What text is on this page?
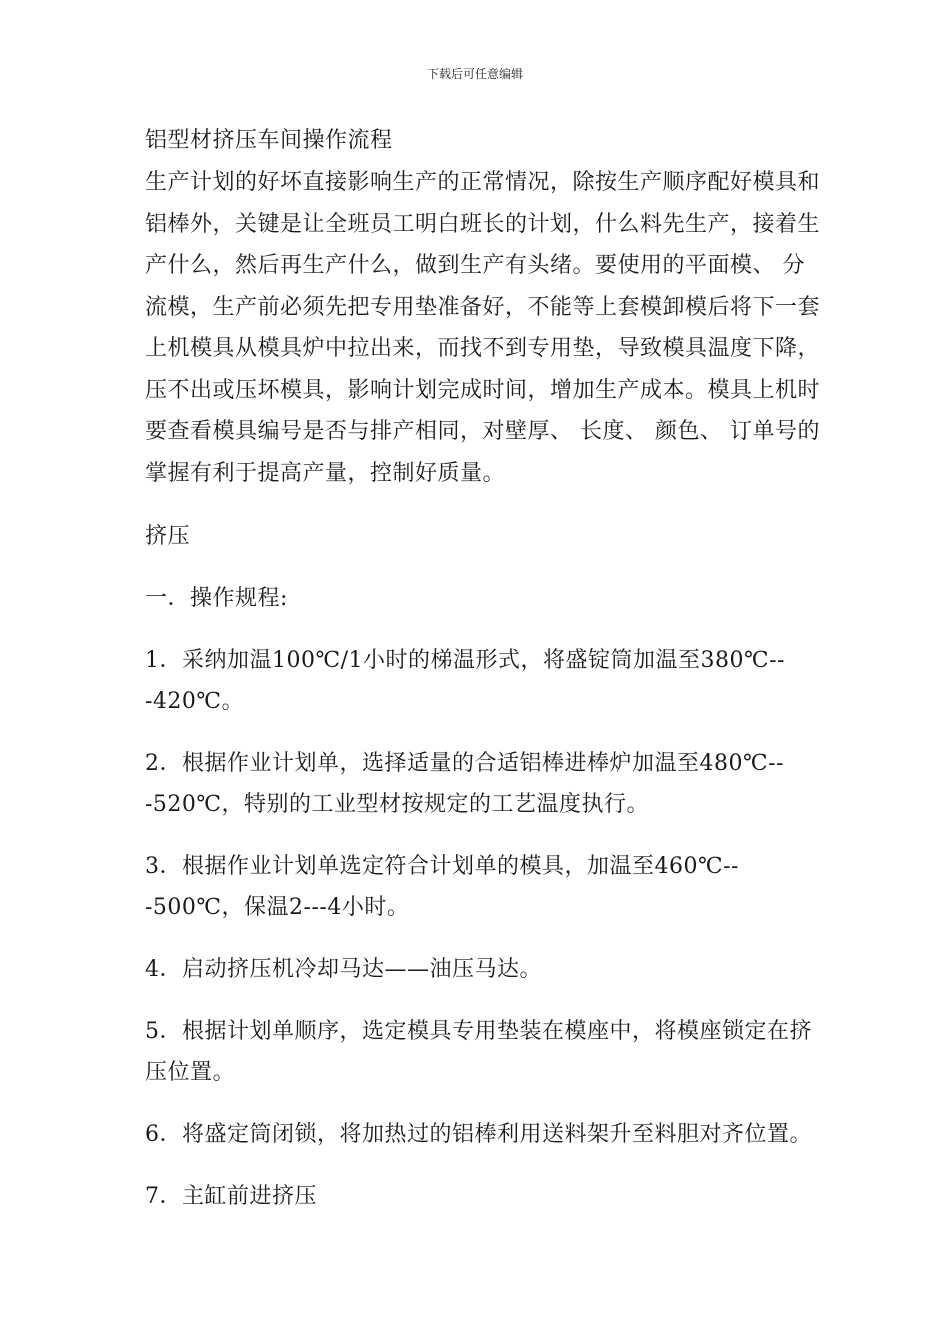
下载后可任意编辑

铝型材挤压车间操作流程

生产计划的好坏直接影响生产的正常情况，除按生产顺序配好模具和铝棒外，关键是让全班员工明白班长的计划，什么料先生产，接着生产什么，然后再生产什么，做到生产有头绪。要使用的平面模、 分流模，生产前必须先把专用垫准备好，不能等上套模卸模后将下一套上机模具从模具炉中拉出来，而找不到专用垫，导致模具温度下降，压不出或压坏模具，影响计划完成时间，增加生产成本。模具上机时要查看模具编号是否与排产相同，对壁厚、 长度、 颜色、 订单号的掌握有利于提高产量，控制好质量。

挤压

一．操作规程:

1．采纳加温100℃/1小时的梯温形式，将盛锭筒加温至380℃---420℃。

2．根据作业计划单，选择适量的合适铝棒进棒炉加温至480℃---520℃，特别的工业型材按规定的工艺温度执行。

3．根据作业计划单选定符合计划单的模具，加温至460℃---500℃，保温2---4小时。

4．启动挤压机冷却马达——油压马达。

5．根据计划单顺序，选定模具专用垫装在模座中，将模座锁定在挤压位置。

6．将盛定筒闭锁，将加热过的铝棒利用送料架升至料胆对齐位置。

7．主缸前进挤压
